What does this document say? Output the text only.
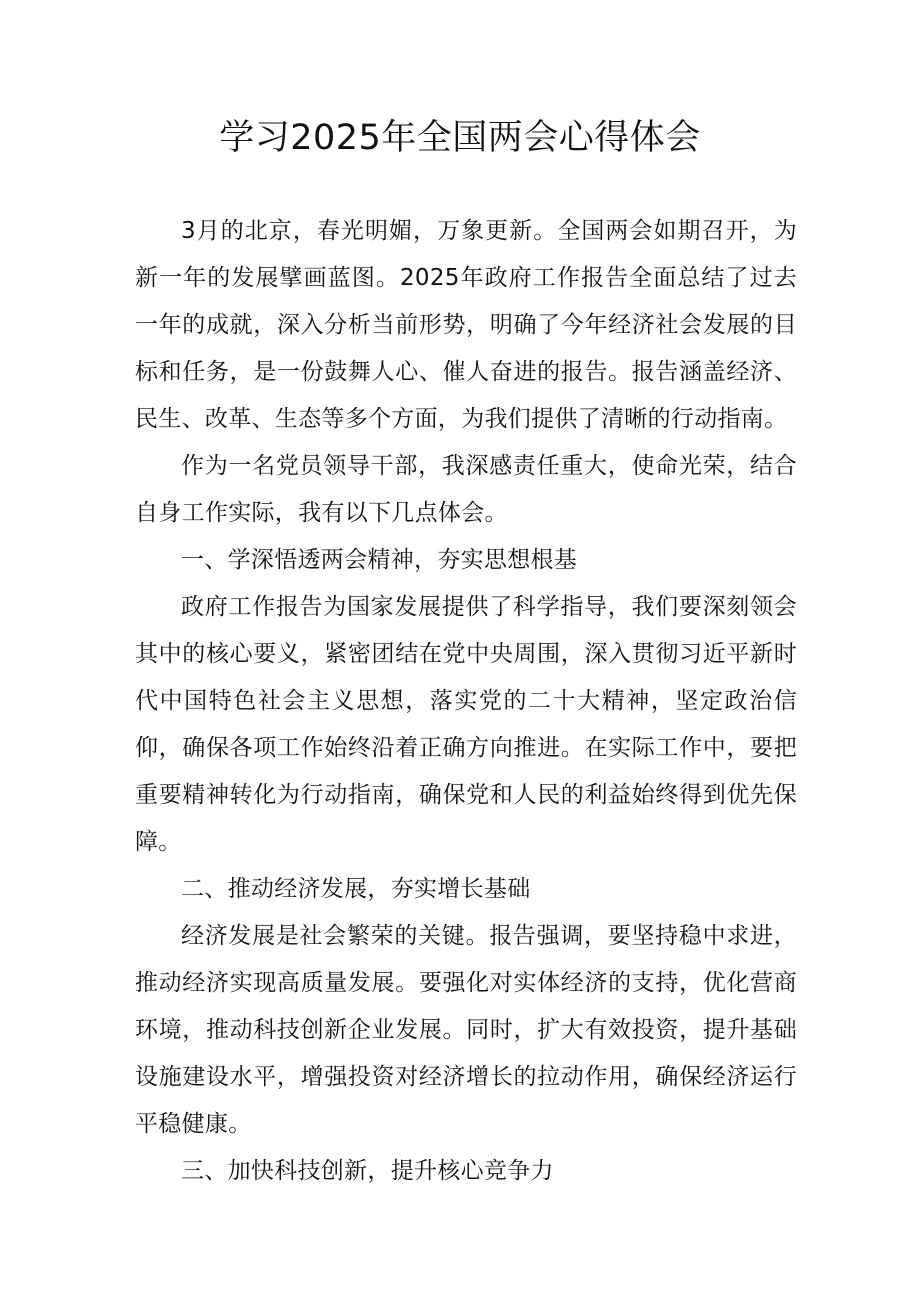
学习2025年全国两会心得体会

3月的北京，春光明媚，万象更新。全国两会如期召开，为新一年的发展擘画蓝图。2025年政府工作报告全面总结了过去一年的成就，深入分析当前形势，明确了今年经济社会发展的目标和任务，是一份鼓舞人心、催人奋进的报告。报告涵盖经济、民生、改革、生态等多个方面，为我们提供了清晰的行动指南。

作为一名党员领导干部，我深感责任重大，使命光荣，结合自身工作实际，我有以下几点体会。

一、学深悟透两会精神，夯实思想根基

政府工作报告为国家发展提供了科学指导，我们要深刻领会其中的核心要义，紧密团结在党中央周围，深入贯彻习近平新时代中国特色社会主义思想，落实党的二十大精神，坚定政治信仰，确保各项工作始终沿着正确方向推进。在实际工作中，要把重要精神转化为行动指南，确保党和人民的利益始终得到优先保障。

二、推动经济发展，夯实增长基础

经济发展是社会繁荣的关键。报告强调，要坚持稳中求进，推动经济实现高质量发展。要强化对实体经济的支持，优化营商环境，推动科技创新企业发展。同时，扩大有效投资，提升基础设施建设水平，增强投资对经济增长的拉动作用，确保经济运行平稳健康。

三、加快科技创新，提升核心竞争力
